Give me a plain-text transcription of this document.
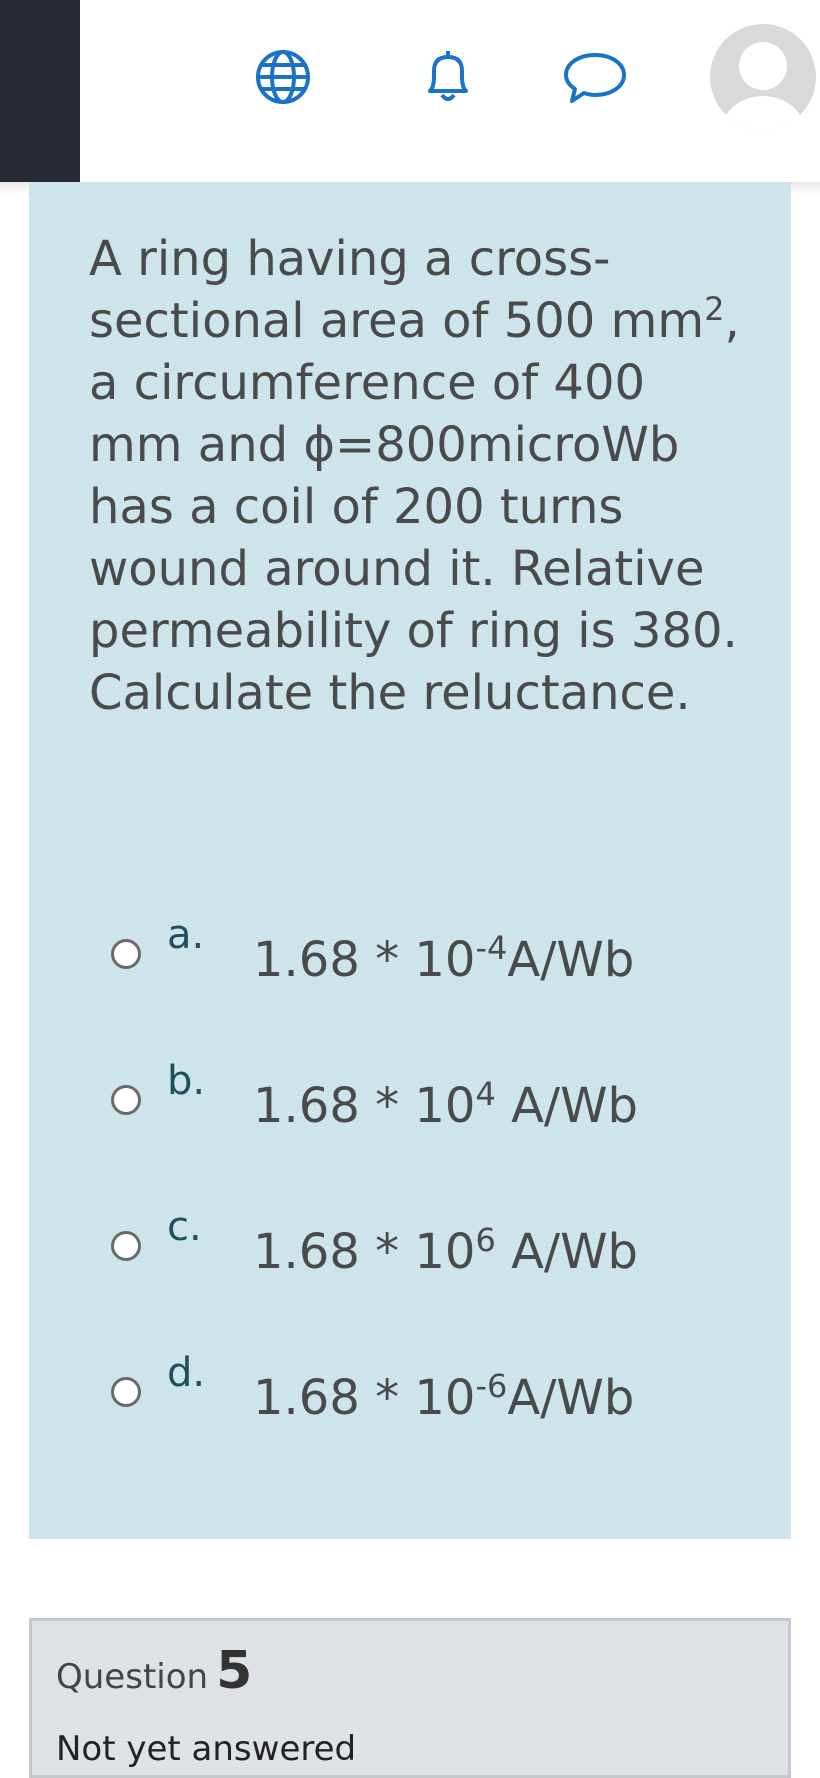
A ring having a cross-sectional area of 500 $mm^2$, a circumference of 400 mm and ϕ=800microWb has a coil of 200 turns wound around it. Relative permeability of ring is 380. Calculate the reluctance.

a. $1.68 * 10^{-4}A/Wb$
b. $1.68 * 10^4$ A/Wb
c. $1.68 * 10^6$ A/Wb
d. $1.68 * 10^{-6}A/Wb$
Question 5
Not yet answered
